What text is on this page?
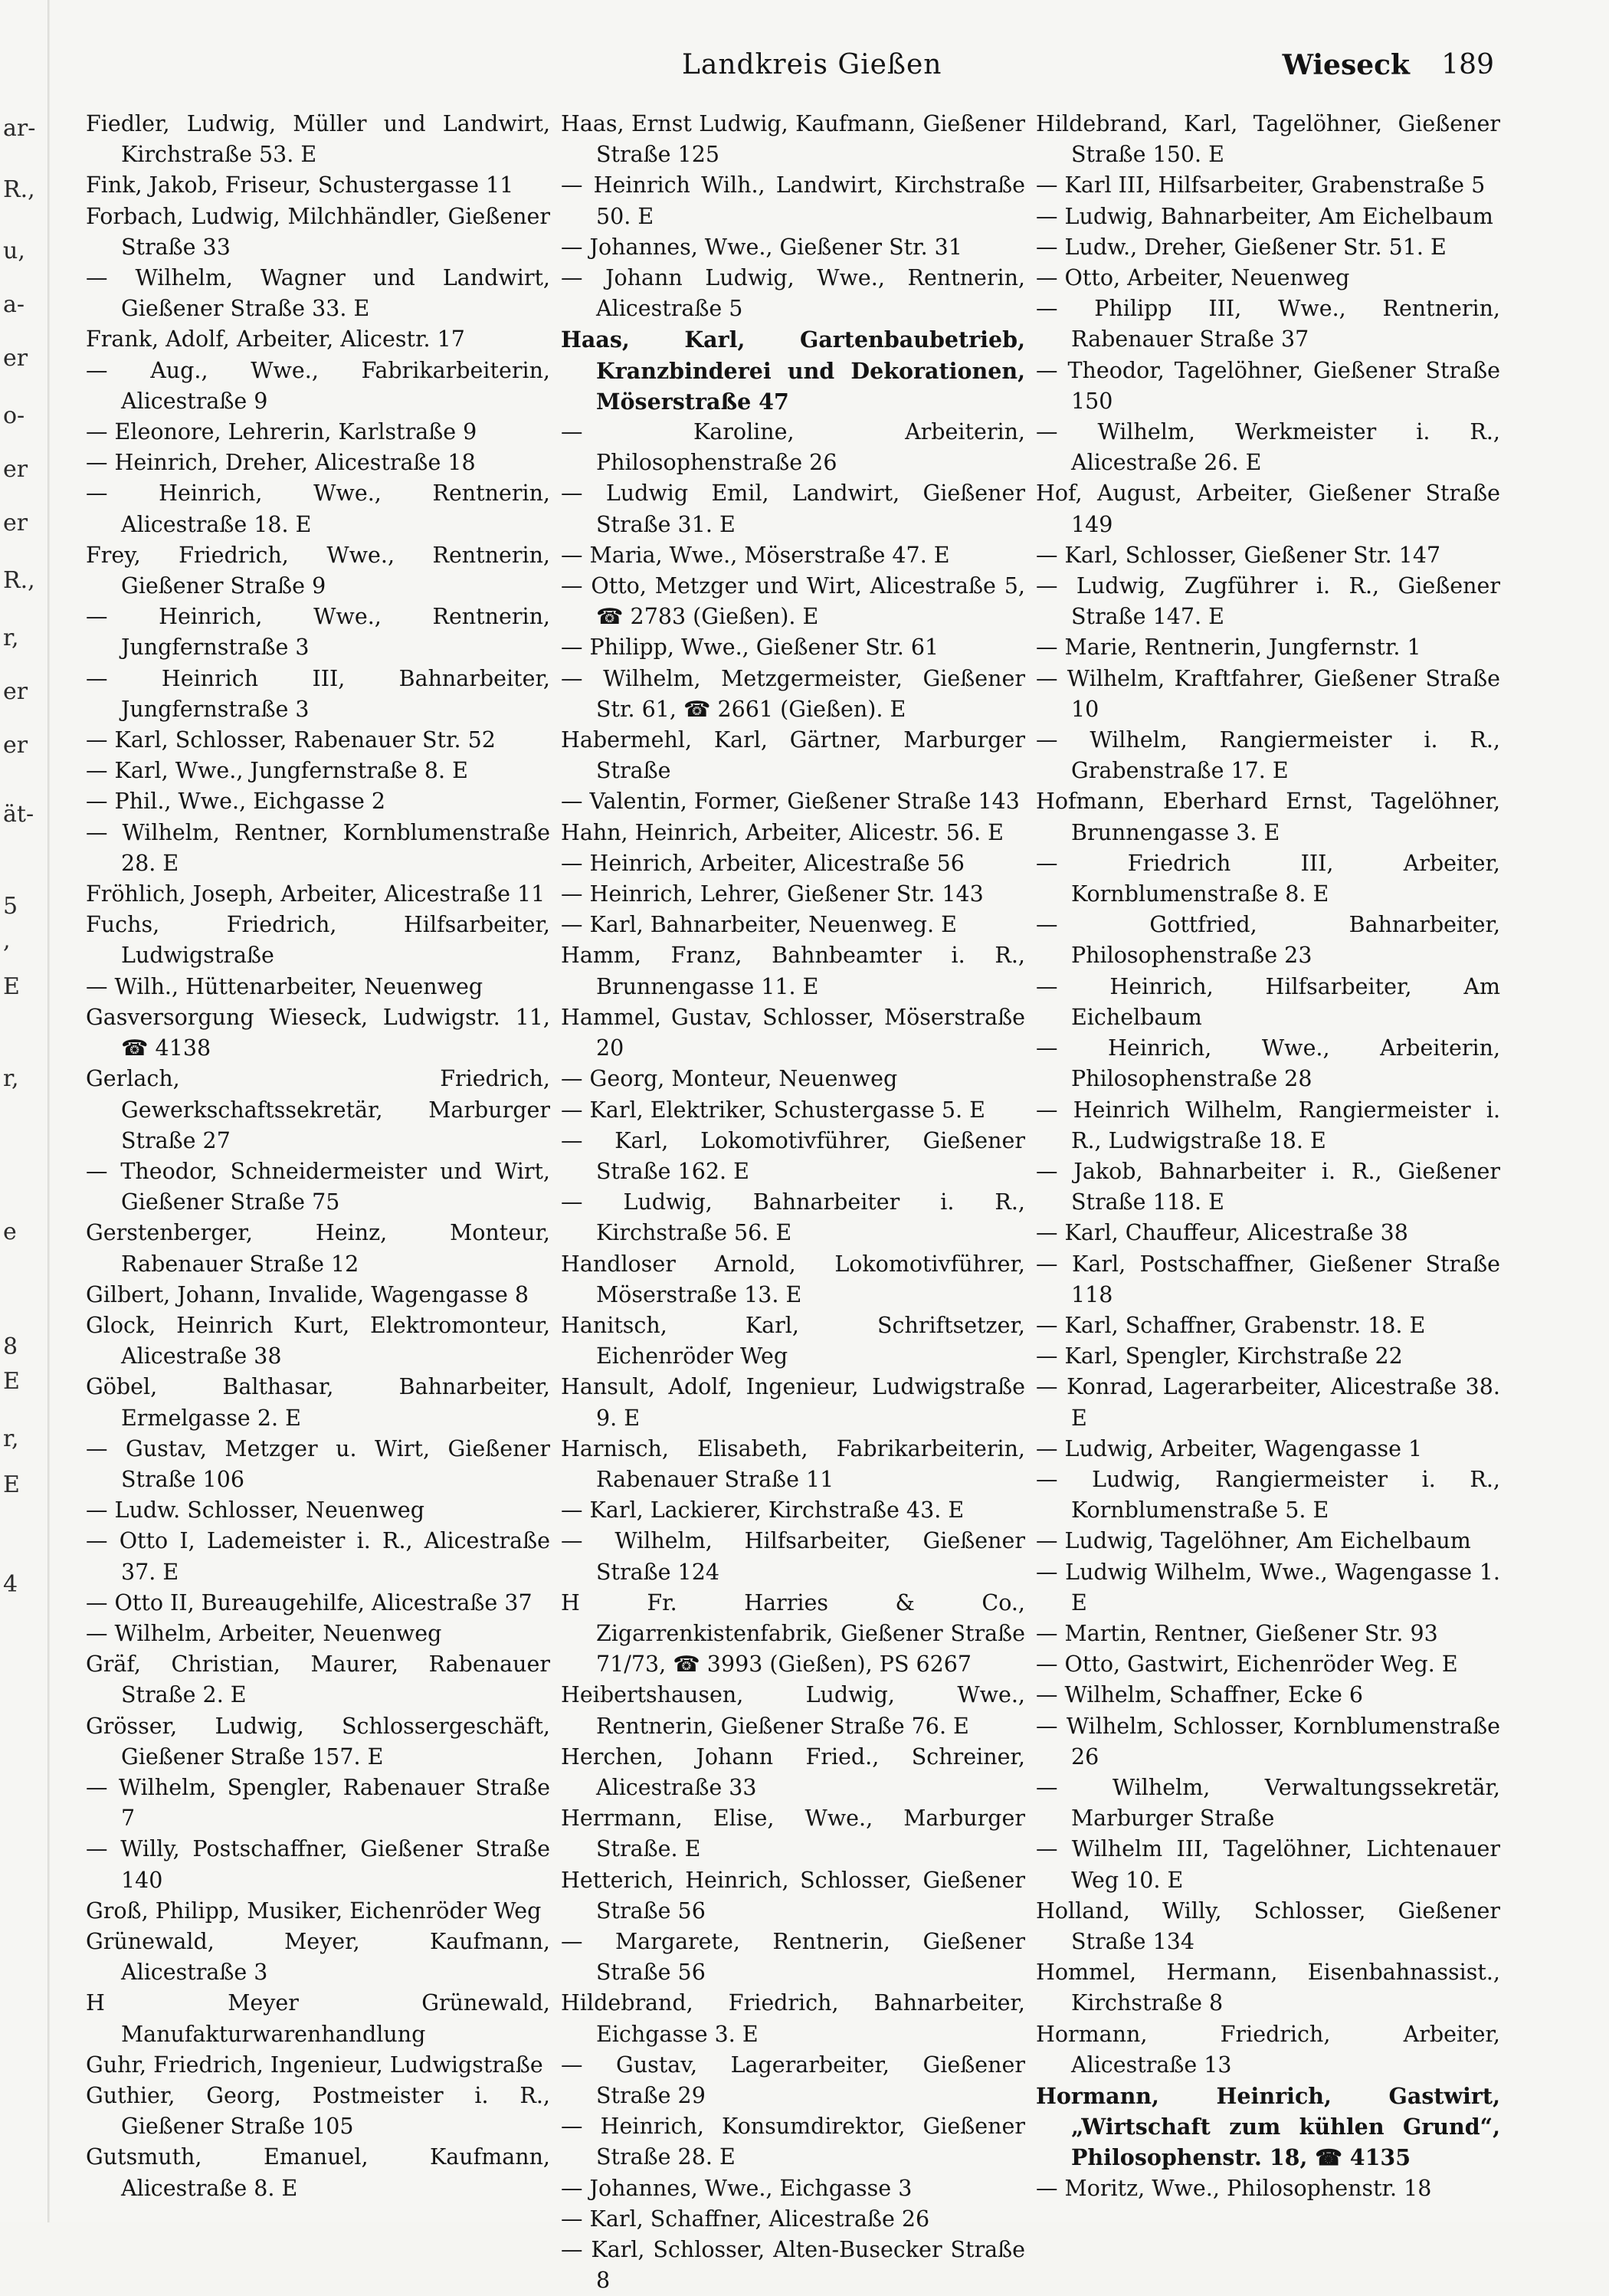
ar-
R.,
u,
a-
er
o-
er
er
R.,
r,
er
er
ät-
5
,
E
r,
e
8
E
r,
E
4
Landkreis Gießen	Wieseck 189
Fiedler, Ludwig, Müller und Landwirt, Kirchstraße 53. E
Fink, Jakob, Friseur, Schustergasse 11
Forbach, Ludwig, Milchhändler, Gießener Straße 33
— Wilhelm, Wagner und Landwirt, Gießener Straße 33. E
Frank, Adolf, Arbeiter, Alicestr. 17
— Aug., Wwe., Fabrikarbeiterin, Alicestraße 9
— Eleonore, Lehrerin, Karlstraße 9
— Heinrich, Dreher, Alicestraße 18
— Heinrich, Wwe., Rentnerin, Alicestraße 18. E
Frey, Friedrich, Wwe., Rentnerin, Gießener Straße 9
— Heinrich, Wwe., Rentnerin, Jungfernstraße 3
— Heinrich III, Bahnarbeiter, Jungfernstraße 3
— Karl, Schlosser, Rabenauer Str. 52
— Karl, Wwe., Jungfernstraße 8. E
— Phil., Wwe., Eichgasse 2
— Wilhelm, Rentner, Kornblumenstraße 28. E
Fröhlich, Joseph, Arbeiter, Alicestraße 11
Fuchs, Friedrich, Hilfsarbeiter, Ludwigstraße
— Wilh., Hüttenarbeiter, Neuenweg
Gasversorgung Wieseck, Ludwigstr. 11, ☎ 4138
Gerlach, Friedrich, Gewerkschaftssekretär, Marburger Straße 27
— Theodor, Schneidermeister und Wirt, Gießener Straße 75
Gerstenberger, Heinz, Monteur, Rabenauer Straße 12
Gilbert, Johann, Invalide, Wagengasse 8
Glock, Heinrich Kurt, Elektromonteur, Alicestraße 38
Göbel, Balthasar, Bahnarbeiter, Ermelgasse 2. E
— Gustav, Metzger u. Wirt, Gießener Straße 106
— Ludw. Schlosser, Neuenweg
— Otto I, Lademeister i. R., Alicestraße 37. E
— Otto II, Bureaugehilfe, Alicestraße 37
— Wilhelm, Arbeiter, Neuenweg
Gräf, Christian, Maurer, Rabenauer Straße 2. E
Grösser, Ludwig, Schlossergeschäft, Gießener Straße 157. E
— Wilhelm, Spengler, Rabenauer Straße 7
— Willy, Postschaffner, Gießener Straße 140
Groß, Philipp, Musiker, Eichenröder Weg
Grünewald, Meyer, Kaufmann, Alicestraße 3
H Meyer Grünewald, Manufakturwarenhandlung
Guhr, Friedrich, Ingenieur, Ludwigstraße
Guthier, Georg, Postmeister i. R., Gießener Straße 105
Gutsmuth, Emanuel, Kaufmann, Alicestraße 8. E
Haas, Ernst Ludwig, Kaufmann, Gießener Straße 125
— Heinrich Wilh., Landwirt, Kirchstraße 50. E
— Johannes, Wwe., Gießener Str. 31
— Johann Ludwig, Wwe., Rentnerin, Alicestraße 5
Haas, Karl, Gartenbaubetrieb, Kranzbinderei und Dekorationen, Möserstraße 47
— Karoline, Arbeiterin, Philosophenstraße 26
— Ludwig Emil, Landwirt, Gießener Straße 31. E
— Maria, Wwe., Möserstraße 47. E
— Otto, Metzger und Wirt, Alicestraße 5, ☎ 2783 (Gießen). E
— Philipp, Wwe., Gießener Str. 61
— Wilhelm, Metzgermeister, Gießener Str. 61, ☎ 2661 (Gießen). E
Habermehl, Karl, Gärtner, Marburger Straße
— Valentin, Former, Gießener Straße 143
Hahn, Heinrich, Arbeiter, Alicestr. 56. E
— Heinrich, Arbeiter, Alicestraße 56
— Heinrich, Lehrer, Gießener Str. 143
— Karl, Bahnarbeiter, Neuenweg. E
Hamm, Franz, Bahnbeamter i. R., Brunnengasse 11. E
Hammel, Gustav, Schlosser, Möserstraße 20
— Georg, Monteur, Neuenweg
— Karl, Elektriker, Schustergasse 5. E
— Karl, Lokomotivführer, Gießener Straße 162. E
— Ludwig, Bahnarbeiter i. R., Kirchstraße 56. E
Handloser Arnold, Lokomotivführer, Möserstraße 13. E
Hanitsch, Karl, Schriftsetzer, Eichenröder Weg
Hansult, Adolf, Ingenieur, Ludwigstraße 9. E
Harnisch, Elisabeth, Fabrikarbeiterin, Rabenauer Straße 11
— Karl, Lackierer, Kirchstraße 43. E
— Wilhelm, Hilfsarbeiter, Gießener Straße 124
H Fr. Harries & Co., Zigarrenkistenfabrik, Gießener Straße 71/73, ☎ 3993 (Gießen), PS 6267
Heibertshausen, Ludwig, Wwe., Rentnerin, Gießener Straße 76. E
Herchen, Johann Fried., Schreiner, Alicestraße 33
Herrmann, Elise, Wwe., Marburger Straße. E
Hetterich, Heinrich, Schlosser, Gießener Straße 56
— Margarete, Rentnerin, Gießener Straße 56
Hildebrand, Friedrich, Bahnarbeiter, Eichgasse 3. E
— Gustav, Lagerarbeiter, Gießener Straße 29
— Heinrich, Konsumdirektor, Gießener Straße 28. E
— Johannes, Wwe., Eichgasse 3
— Karl, Schaffner, Alicestraße 26
— Karl, Schlosser, Alten-Busecker Straße 8
Hildebrand, Karl, Tagelöhner, Gießener Straße 150. E
— Karl III, Hilfsarbeiter, Grabenstraße 5
— Ludwig, Bahnarbeiter, Am Eichelbaum
— Ludw., Dreher, Gießener Str. 51. E
— Otto, Arbeiter, Neuenweg
— Philipp III, Wwe., Rentnerin, Rabenauer Straße 37
— Theodor, Tagelöhner, Gießener Straße 150
— Wilhelm, Werkmeister i. R., Alicestraße 26. E
Hof, August, Arbeiter, Gießener Straße 149
— Karl, Schlosser, Gießener Str. 147
— Ludwig, Zugführer i. R., Gießener Straße 147. E
— Marie, Rentnerin, Jungfernstr. 1
— Wilhelm, Kraftfahrer, Gießener Straße 10
— Wilhelm, Rangiermeister i. R., Grabenstraße 17. E
Hofmann, Eberhard Ernst, Tagelöhner, Brunnengasse 3. E
— Friedrich III, Arbeiter, Kornblumenstraße 8. E
— Gottfried, Bahnarbeiter, Philosophenstraße 23
— Heinrich, Hilfsarbeiter, Am Eichelbaum
— Heinrich, Wwe., Arbeiterin, Philosophenstraße 28
— Heinrich Wilhelm, Rangiermeister i. R., Ludwigstraße 18. E
— Jakob, Bahnarbeiter i. R., Gießener Straße 118. E
— Karl, Chauffeur, Alicestraße 38
— Karl, Postschaffner, Gießener Straße 118
— Karl, Schaffner, Grabenstr. 18. E
— Karl, Spengler, Kirchstraße 22
— Konrad, Lagerarbeiter, Alicestraße 38. E
— Ludwig, Arbeiter, Wagengasse 1
— Ludwig, Rangiermeister i. R., Kornblumenstraße 5. E
— Ludwig, Tagelöhner, Am Eichelbaum
— Ludwig Wilhelm, Wwe., Wagengasse 1. E
— Martin, Rentner, Gießener Str. 93
— Otto, Gastwirt, Eichenröder Weg. E
— Wilhelm, Schaffner, Ecke 6
— Wilhelm, Schlosser, Kornblumenstraße 26
— Wilhelm, Verwaltungssekretär, Marburger Straße
— Wilhelm III, Tagelöhner, Lichtenauer Weg 10. E
Holland, Willy, Schlosser, Gießener Straße 134
Hommel, Hermann, Eisenbahnassist., Kirchstraße 8
Hormann, Friedrich, Arbeiter, Alicestraße 13
Hormann, Heinrich, Gastwirt, „Wirtschaft zum kühlen Grund“, Philosophenstr. 18, ☎ 4135
— Moritz, Wwe., Philosophenstr. 18
